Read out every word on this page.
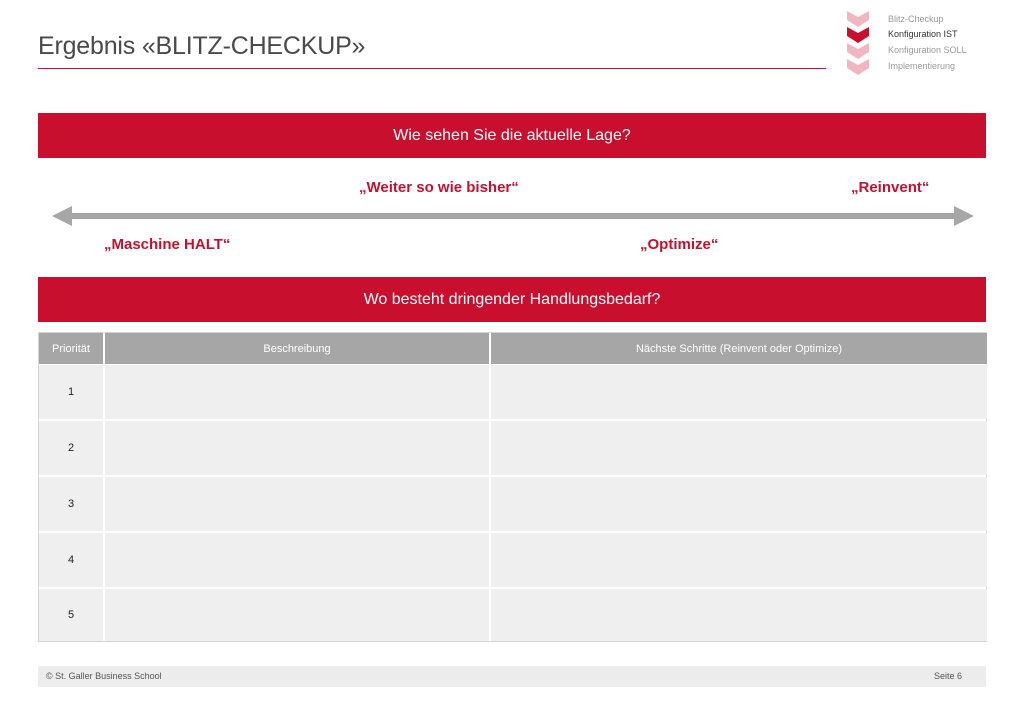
Ergebnis «BLITZ-CHECKUP»
Blitz-Checkup
Konfiguration IST
Konfiguration SOLL
Implementierung
Wie sehen Sie die aktuelle Lage?
„Weiter so wie bisher“	„Reinvent“
„Maschine HALT“	„Optimize“
Wo besteht dringender Handlungsbedarf?
Priorität	Beschreibung	Nächste Schritte (Reinvent oder Optimize)
1
2
3
4
5
© St. Galler Business School	Seite 6
